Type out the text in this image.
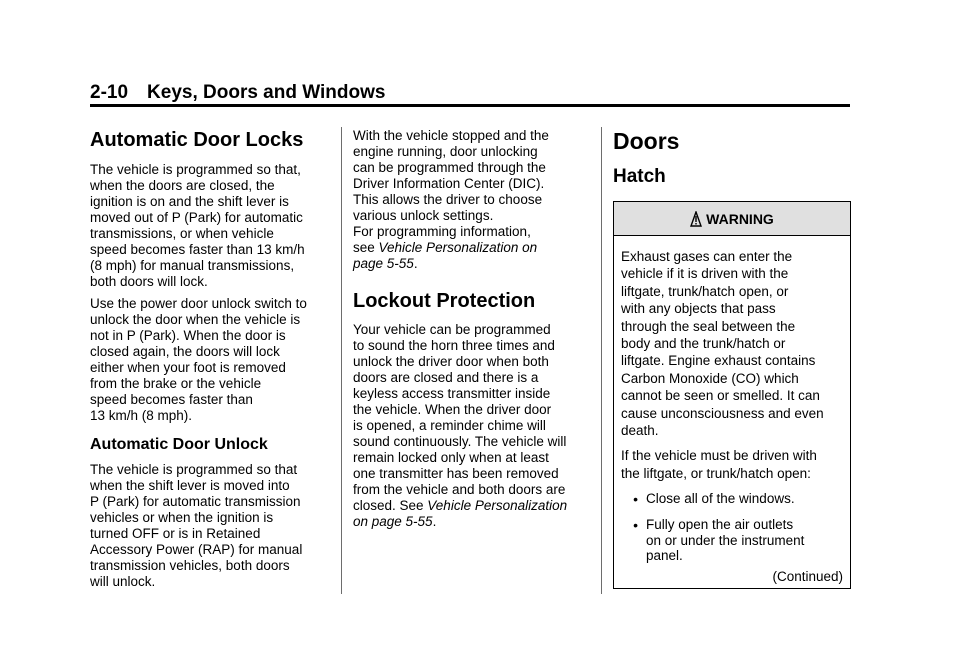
2-10 Keys, Doors and Windows
Automatic Door Locks

The vehicle is programmed so that,
when the doors are closed, the
ignition is on and the shift lever is
moved out of P (Park) for automatic
transmissions, or when vehicle
speed becomes faster than 13 km/h
(8 mph) for manual transmissions,
both doors will lock.

Use the power door unlock switch to
unlock the door when the vehicle is
not in P (Park). When the door is
closed again, the doors will lock
either when your foot is removed
from the brake or the vehicle
speed becomes faster than
13 km/h (8 mph).

Automatic Door Unlock

The vehicle is programmed so that
when the shift lever is moved into
P (Park) for automatic transmission
vehicles or when the ignition is
turned OFF or is in Retained
Accessory Power (RAP) for manual
transmission vehicles, both doors
will unlock.

With the vehicle stopped and the
engine running, door unlocking
can be programmed through the
Driver Information Center (DIC).
This allows the driver to choose
various unlock settings.
For programming information,
see Vehicle Personalization on
page 5-55.

Lockout Protection

Your vehicle can be programmed
to sound the horn three times and
unlock the driver door when both
doors are closed and there is a
keyless access transmitter inside
the vehicle. When the driver door
is opened, a reminder chime will
sound continuously. The vehicle will
remain locked only when at least
one transmitter has been removed
from the vehicle and both doors are
closed. See Vehicle Personalization
on page 5-55.

Doors
Hatch
WARNING

Exhaust gases can enter the
vehicle if it is driven with the
liftgate, trunk/hatch open, or
with any objects that pass
through the seal between the
body and the trunk/hatch or
liftgate. Engine exhaust contains
Carbon Monoxide (CO) which
cannot be seen or smelled. It can
cause unconsciousness and even
death.

If the vehicle must be driven with
the liftgate, or trunk/hatch open:

• Close all of the windows.
• Fully open the air outlets
on or under the instrument
panel.
(Continued)
